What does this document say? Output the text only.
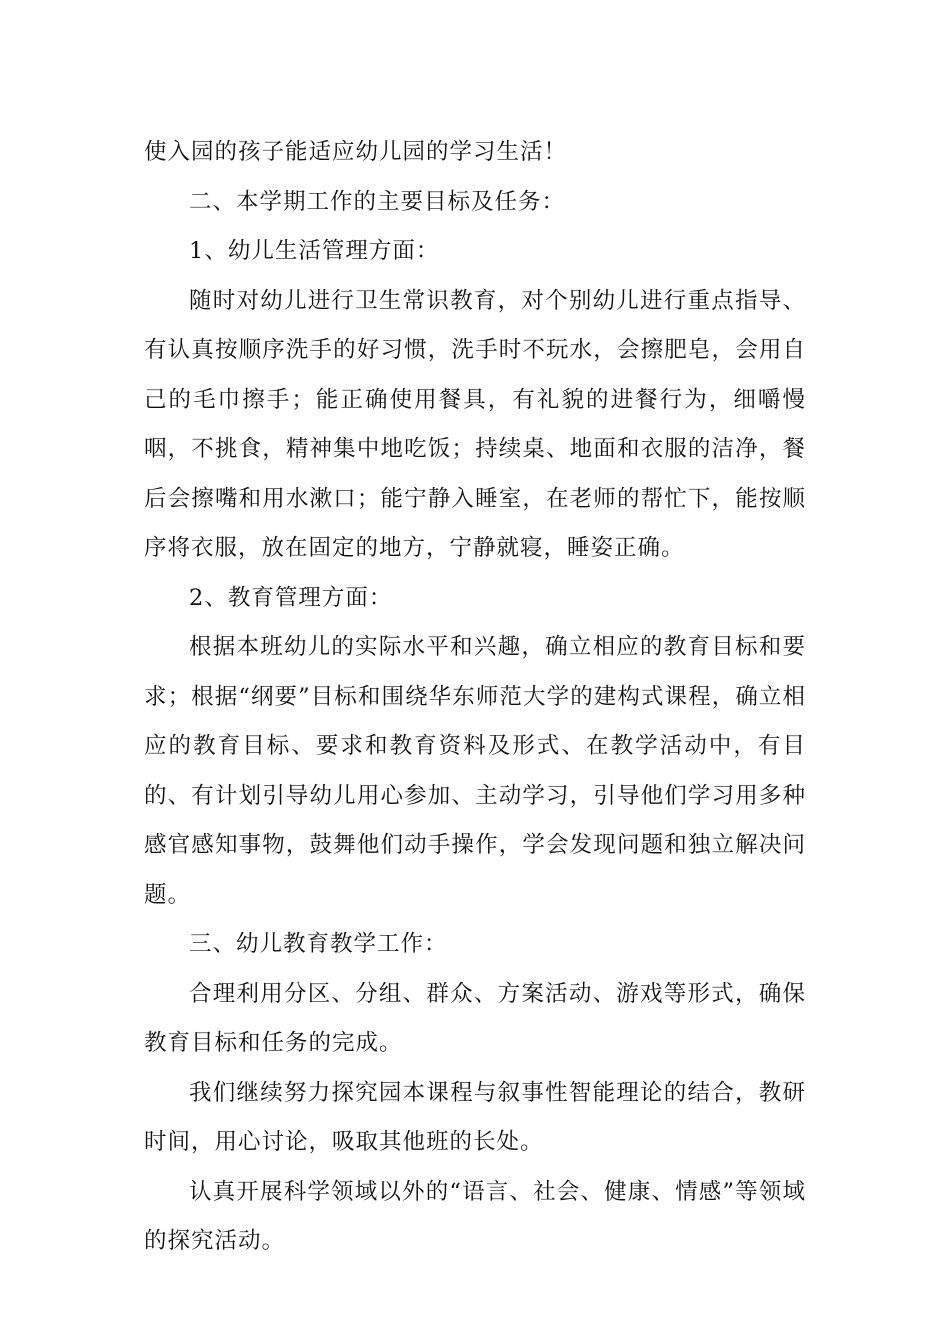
使入园的孩子能适应幼儿园的学习生活！

二、本学期工作的主要目标及任务：

1、幼儿生活管理方面：

随时对幼儿进行卫生常识教育，对个别幼儿进行重点指导、有认真按顺序洗手的好习惯，洗手时不玩水，会擦肥皂，会用自己的毛巾擦手；能正确使用餐具，有礼貌的进餐行为，细嚼慢咽，不挑食，精神集中地吃饭；持续桌、地面和衣服的洁净，餐后会擦嘴和用水漱口；能宁静入睡室，在老师的帮忙下，能按顺序将衣服，放在固定的地方，宁静就寝，睡姿正确。

2、教育管理方面：

根据本班幼儿的实际水平和兴趣，确立相应的教育目标和要求；根据“纲要”目标和围绕华东师范大学的建构式课程，确立相应的教育目标、要求和教育资料及形式、在教学活动中，有目的、有计划引导幼儿用心参加、主动学习，引导他们学习用多种感官感知事物，鼓舞他们动手操作，学会发现问题和独立解决问题。

三、幼儿教育教学工作：

合理利用分区、分组、群众、方案活动、游戏等形式，确保教育目标和任务的完成。

我们继续努力探究园本课程与叙事性智能理论的结合，教研时间，用心讨论，吸取其他班的长处。

认真开展科学领域以外的“语言、社会、健康、情感”等领域的探究活动。
